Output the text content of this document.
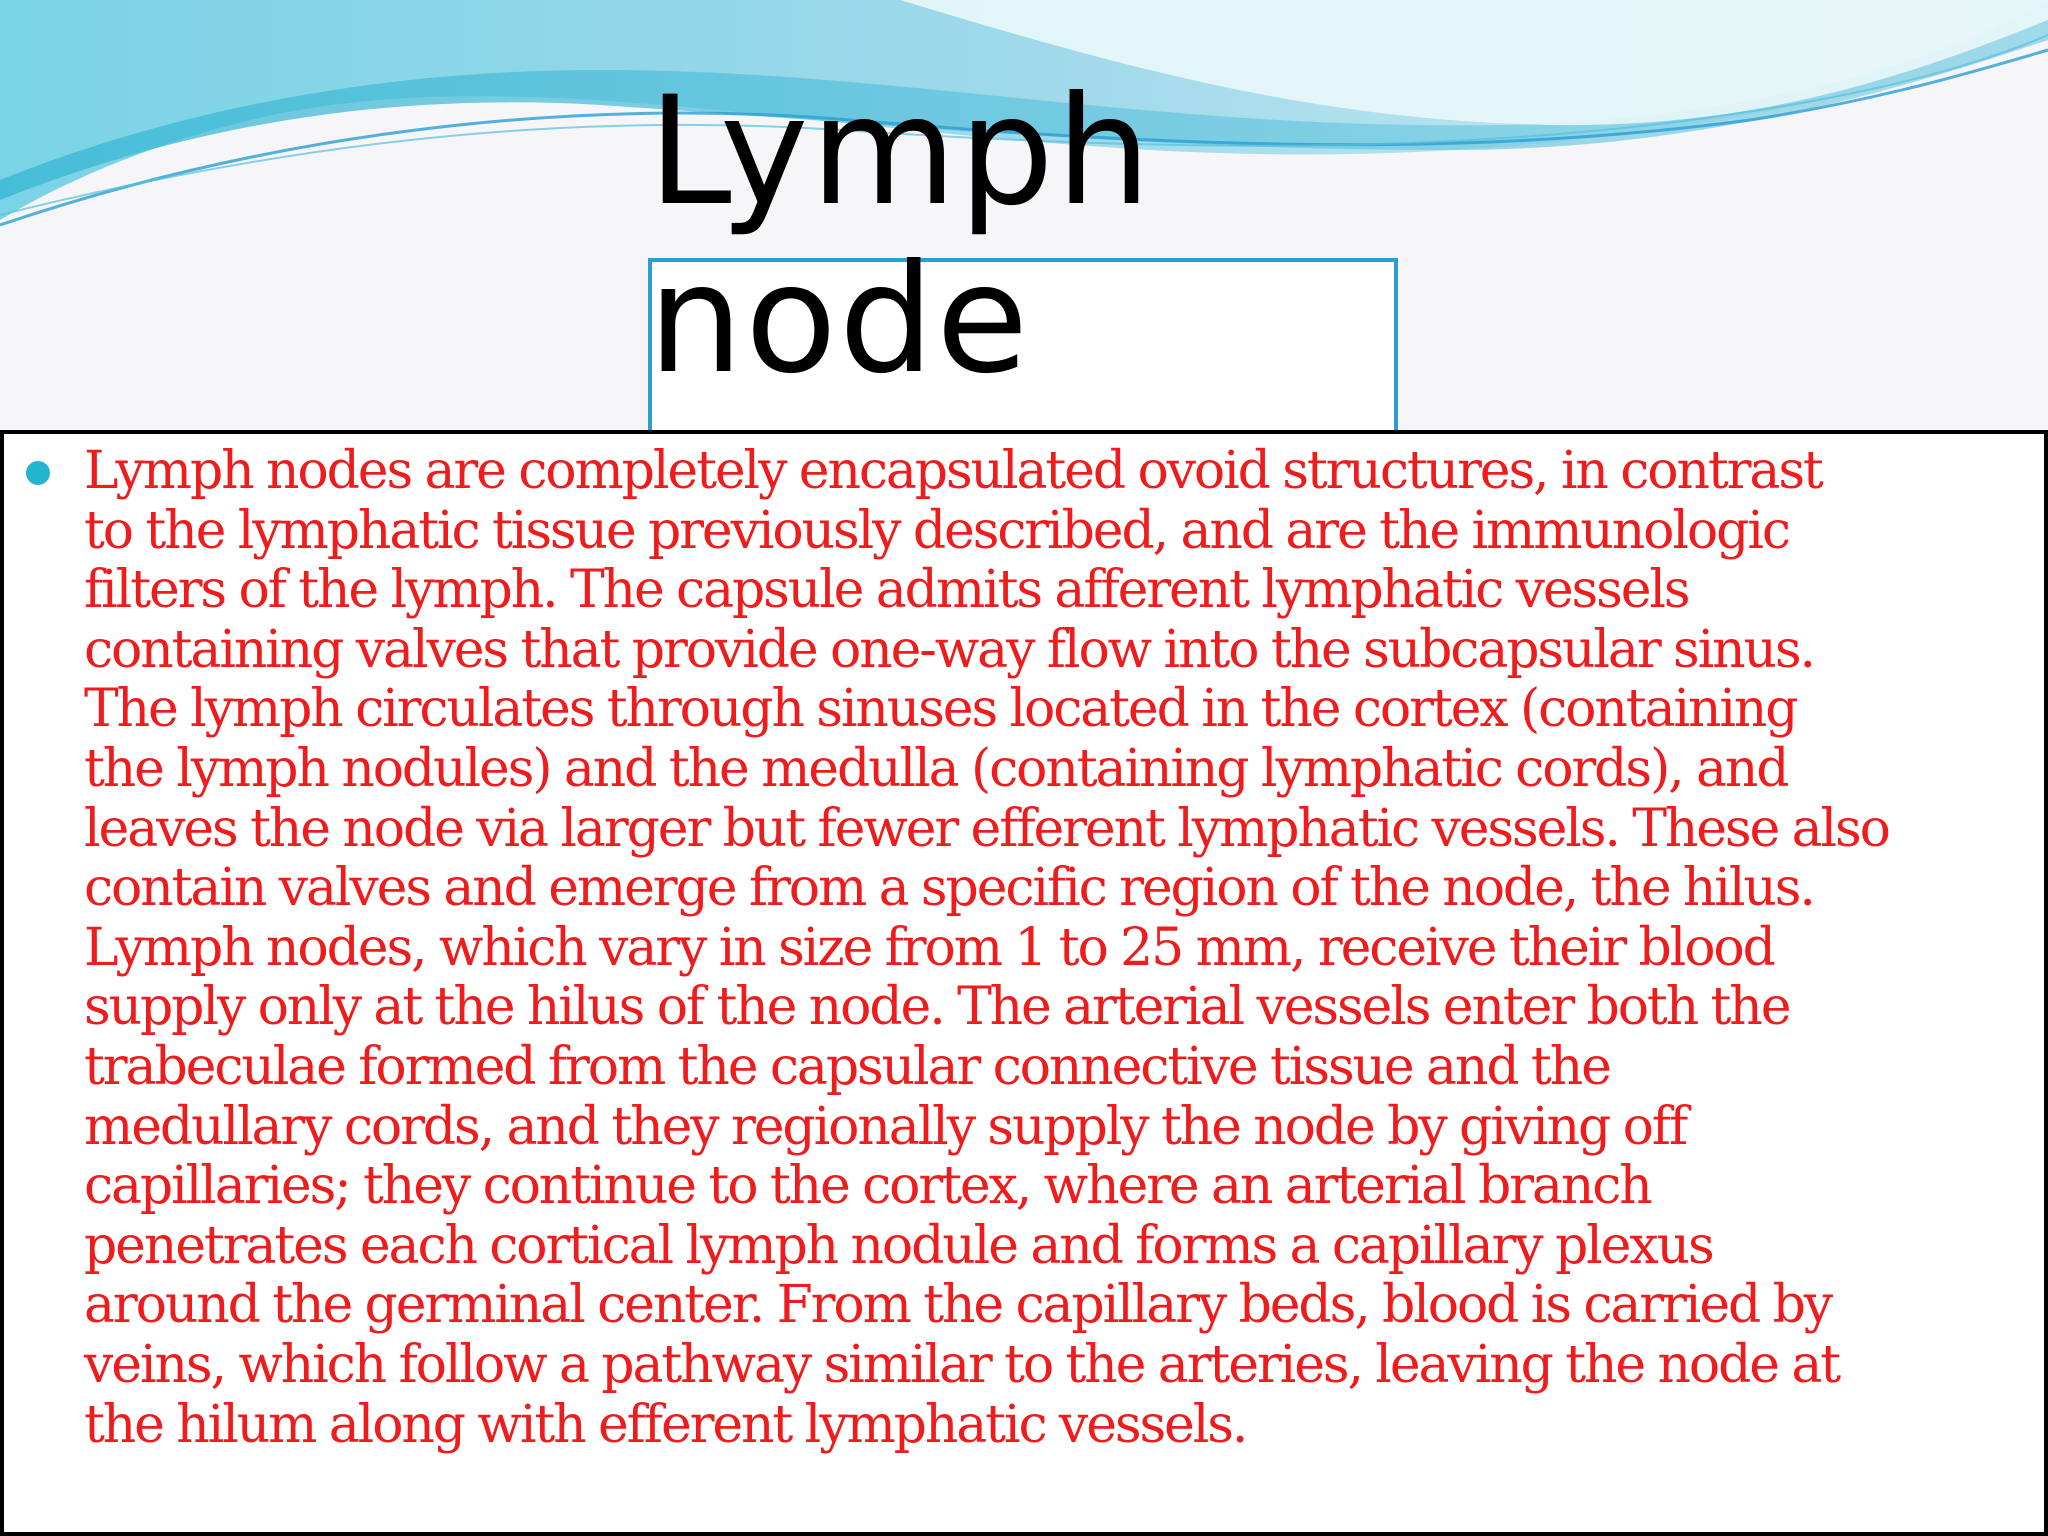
Lymph
node

Lymph nodes are completely encapsulated ovoid structures, in contrast
to the lymphatic tissue previously described, and are the immunologic
filters of the lymph. The capsule admits afferent lymphatic vessels
containing valves that provide one-way flow into the subcapsular sinus.
The lymph circulates through sinuses located in the cortex (containing
the lymph nodules) and the medulla (containing lymphatic cords), and
leaves the node via larger but fewer efferent lymphatic vessels. These also
contain valves and emerge from a specific region of the node, the hilus.
Lymph nodes, which vary in size from 1 to 25 mm, receive their blood
supply only at the hilus of the node. The arterial vessels enter both the
trabeculae formed from the capsular connective tissue and the
medullary cords, and they regionally supply the node by giving off
capillaries; they continue to the cortex, where an arterial branch
penetrates each cortical lymph nodule and forms a capillary plexus
around the germinal center. From the capillary beds, blood is carried by
veins, which follow a pathway similar to the arteries, leaving the node at
the hilum along with efferent lymphatic vessels.
